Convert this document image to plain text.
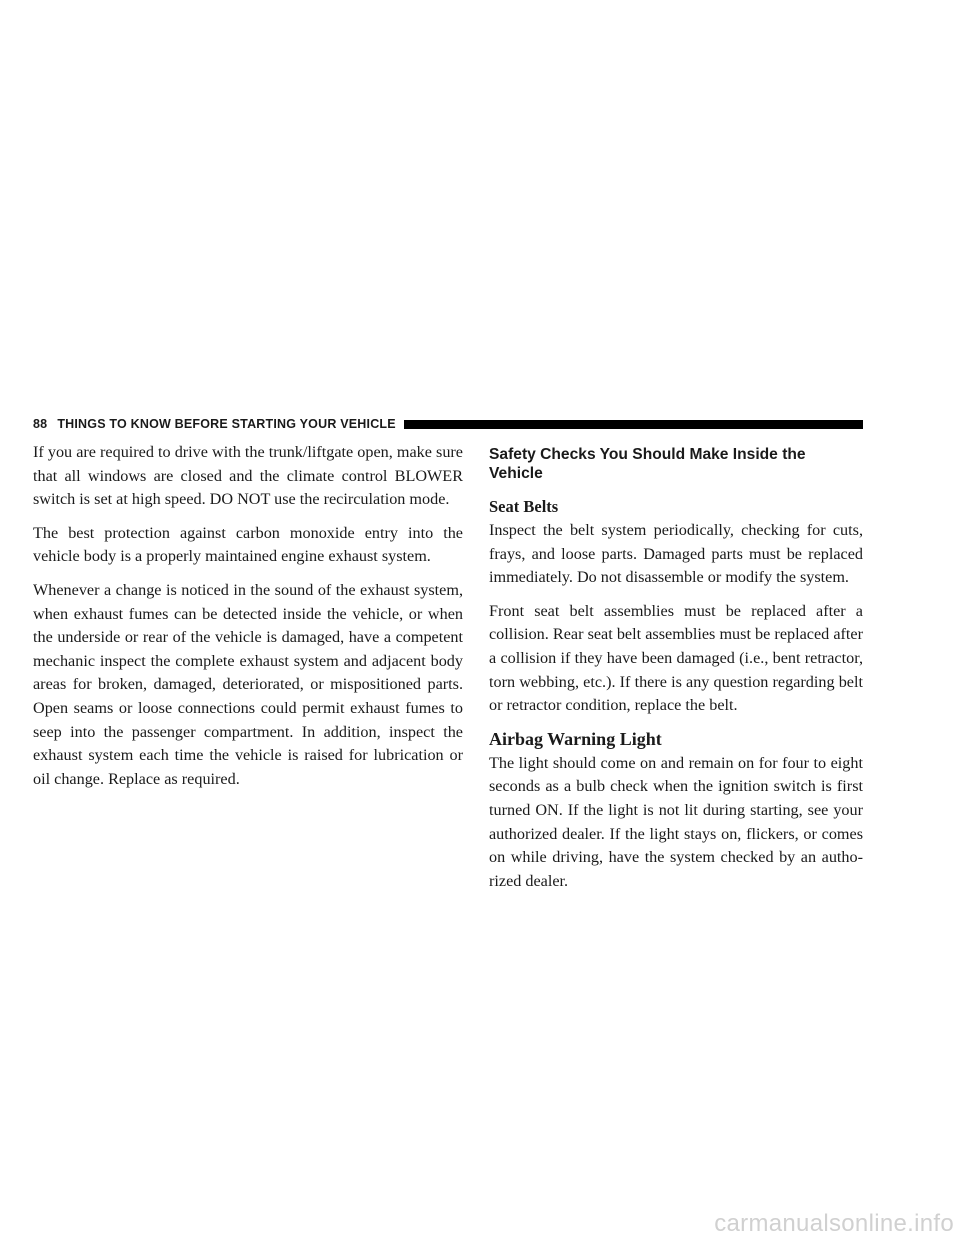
88 THINGS TO KNOW BEFORE STARTING YOUR VEHICLE

If you are required to drive with the trunk/liftgate open, make sure that all windows are closed and the climate control BLOWER switch is set at high speed. DO NOT use the recirculation mode.

The best protection against carbon monoxide entry into the vehicle body is a properly maintained engine exhaust system.

Whenever a change is noticed in the sound of the exhaust system, when exhaust fumes can be detected inside the vehicle, or when the underside or rear of the vehicle is damaged, have a competent mechanic inspect the complete exhaust system and adjacent body areas for broken, damaged, deteriorated, or mispositioned parts. Open seams or loose connections could permit exhaust fumes to seep into the passenger compartment. In addition, inspect the exhaust system each time the vehicle is raised for lubrication or oil change. Replace as required.

Safety Checks You Should Make Inside the Vehicle
Seat Belts

Inspect the belt system periodically, checking for cuts, frays, and loose parts. Damaged parts must be replaced immediately. Do not disassemble or modify the system.

Front seat belt assemblies must be replaced after a collision. Rear seat belt assemblies must be replaced after a collision if they have been damaged (i.e., bent retractor, torn webbing, etc.). If there is any question regarding belt or retractor condition, replace the belt.

Airbag Warning Light

The light should come on and remain on for four to eight seconds as a bulb check when the ignition switch is first turned ON. If the light is not lit during starting, see your authorized dealer. If the light stays on, flickers, or comes on while driving, have the system checked by an authorized dealer.

carmanualsonline.info
